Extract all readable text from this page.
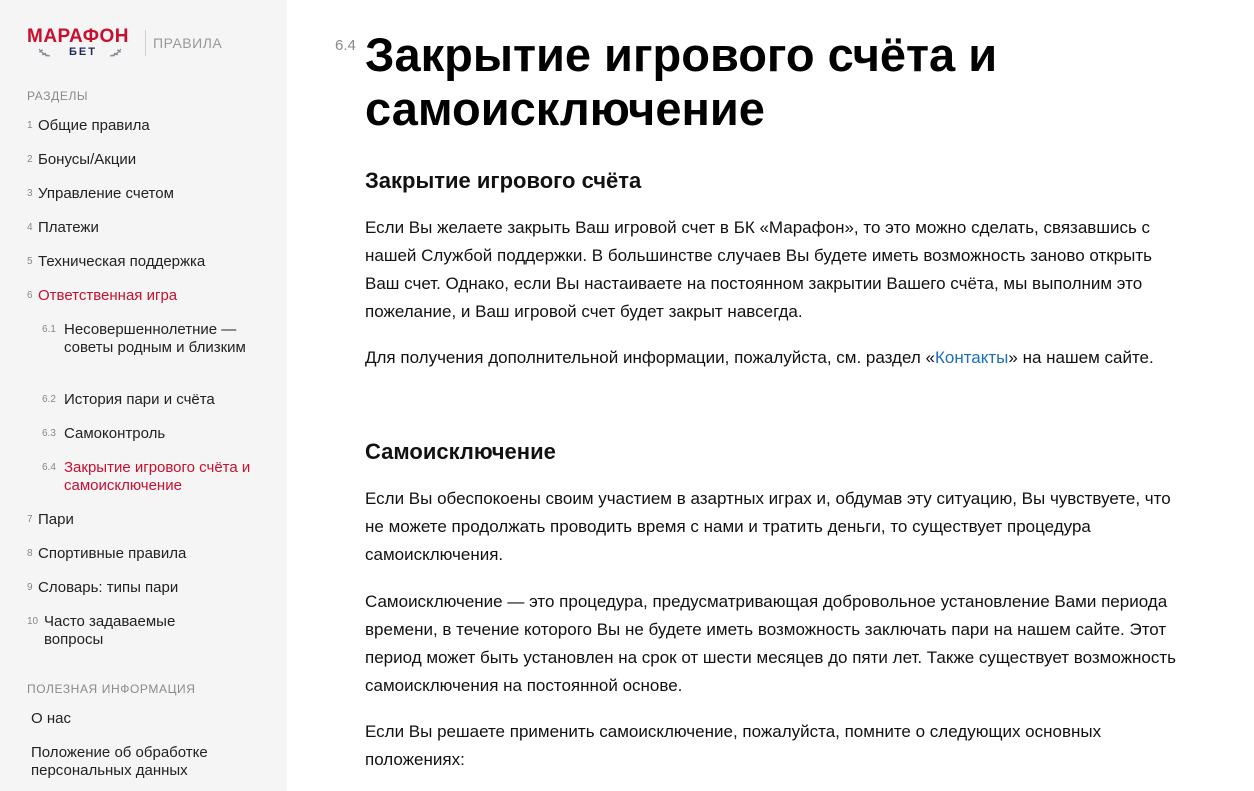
МАРАФОН
БЕТ
ПРАВИЛА
РАЗДЕЛЫ
1 Общие правила
2 Бонусы/Акции
3 Управление счетом
4 Платежи
5 Техническая поддержка
6 Ответственная игра
6.1 Несовершеннолетние — советы родным и близким
6.2 История пари и счёта
6.3 Самоконтроль
6.4 Закрытие игрового счёта и самоисключение
7 Пари
8 Спортивные правила
9 Словарь: типы пари
10 Часто задаваемые вопросы
ПОЛЕЗНАЯ ИНФОРМАЦИЯ
О нас
Положение об обработке персональных данных
6.4 Закрытие игрового счёта и самоисключение
Закрытие игрового счёта

Если Вы желаете закрыть Ваш игровой счет в БК «Марафон», то это можно сделать, связавшись с нашей Службой поддержки. В большинстве случаев Вы будете иметь возможность заново открыть Ваш счет. Однако, если Вы настаиваете на постоянном закрытии Вашего счёта, мы выполним это пожелание, и Ваш игровой счет будет закрыт навсегда.

Для получения дополнительной информации, пожалуйста, см. раздел «Контакты» на нашем сайте.

Самоисключение

Если Вы обеспокоены своим участием в азартных играх и, обдумав эту ситуацию, Вы чувствуете, что не можете продолжать проводить время с нами и тратить деньги, то существует процедура самоисключения.

Самоисключение — это процедура, предусматривающая добровольное установление Вами периода времени, в течение которого Вы не будете иметь возможность заключать пари на нашем сайте. Этот период может быть установлен на срок от шести месяцев до пяти лет. Также существует возможность самоисключения на постоянной основе.

Если Вы решаете применить самоисключение, пожалуйста, помните о следующих основных положениях:
